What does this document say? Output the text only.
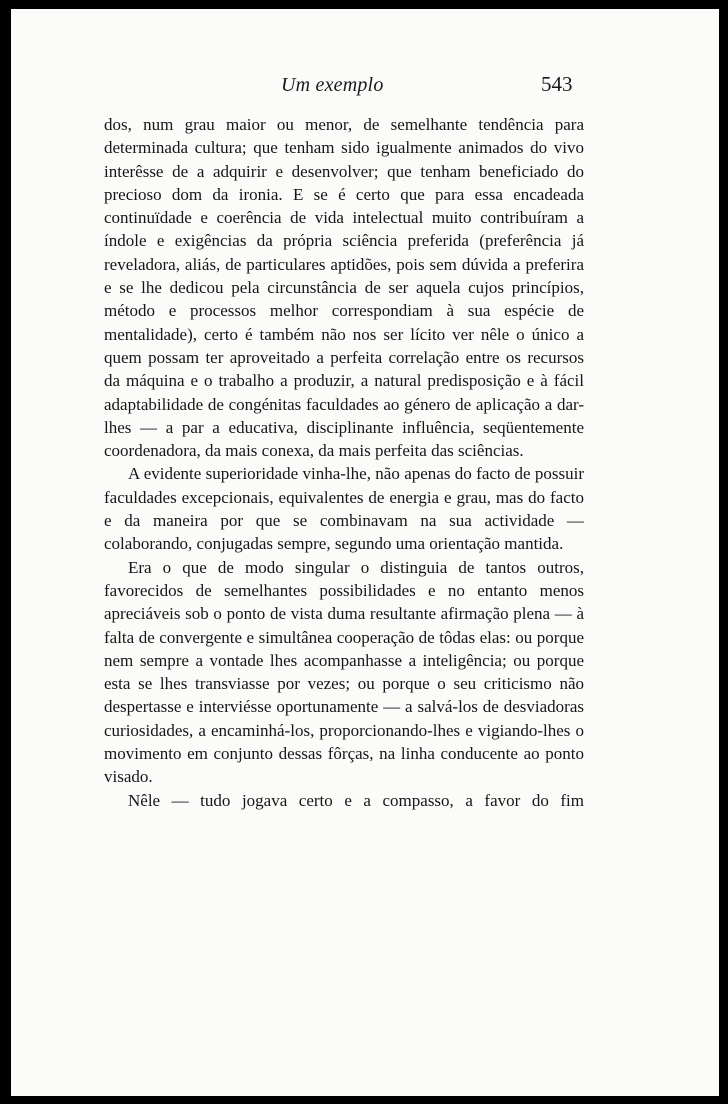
Um exemplo	543

dos, num grau maior ou menor, de semelhante tendência para determinada cultura; que tenham sido igualmente animados do vivo interêsse de a adquirir e desenvolver; que tenham beneficiado do precioso dom da ironia. E se é certo que para essa encadeada continuïdade e coerência de vida intelectual muito contribuíram a índole e exigências da própria sciência preferida (preferência já reveladora, aliás, de particulares aptidões, pois sem dúvida a preferira e se lhe dedicou pela circunstância de ser aquela cujos princípios, método e processos melhor correspondiam à sua espécie de mentalidade), certo é também não nos ser lícito ver nêle o único a quem possam ter aproveitado a perfeita correlação entre os recursos da máquina e o trabalho a produzir, a natural predisposição e à fácil adaptabilidade de congénitas faculdades ao género de aplicação a dar-lhes — a par a educativa, disciplinante influência, seqüentemente coordenadora, da mais conexa, da mais perfeita das sciências.

A evidente superioridade vinha-lhe, não apenas do facto de possuir faculdades excepcionais, equivalentes de energia e grau, mas do facto e da maneira por que se combinavam na sua actividade — colaborando, conjugadas sempre, segundo uma orientação mantida.

Era o que de modo singular o distinguia de tantos outros, favorecidos de semelhantes possibilidades e no entanto menos apreciáveis sob o ponto de vista duma resultante afirmação plena — à falta de convergente e simultânea cooperação de tôdas elas: ou porque nem sempre a vontade lhes acompanhasse a inteligência; ou porque esta se lhes transviasse por vezes; ou porque o seu criticismo não despertasse e interviésse oportunamente — a salvá-los de desviadoras curiosidades, a encaminhá-los, proporcionando-lhes e vigiando-lhes o movimento em conjunto dessas fôrças, na linha conducente ao ponto visado.

Nêle — tudo jogava certo e a compasso, a favor do fim
